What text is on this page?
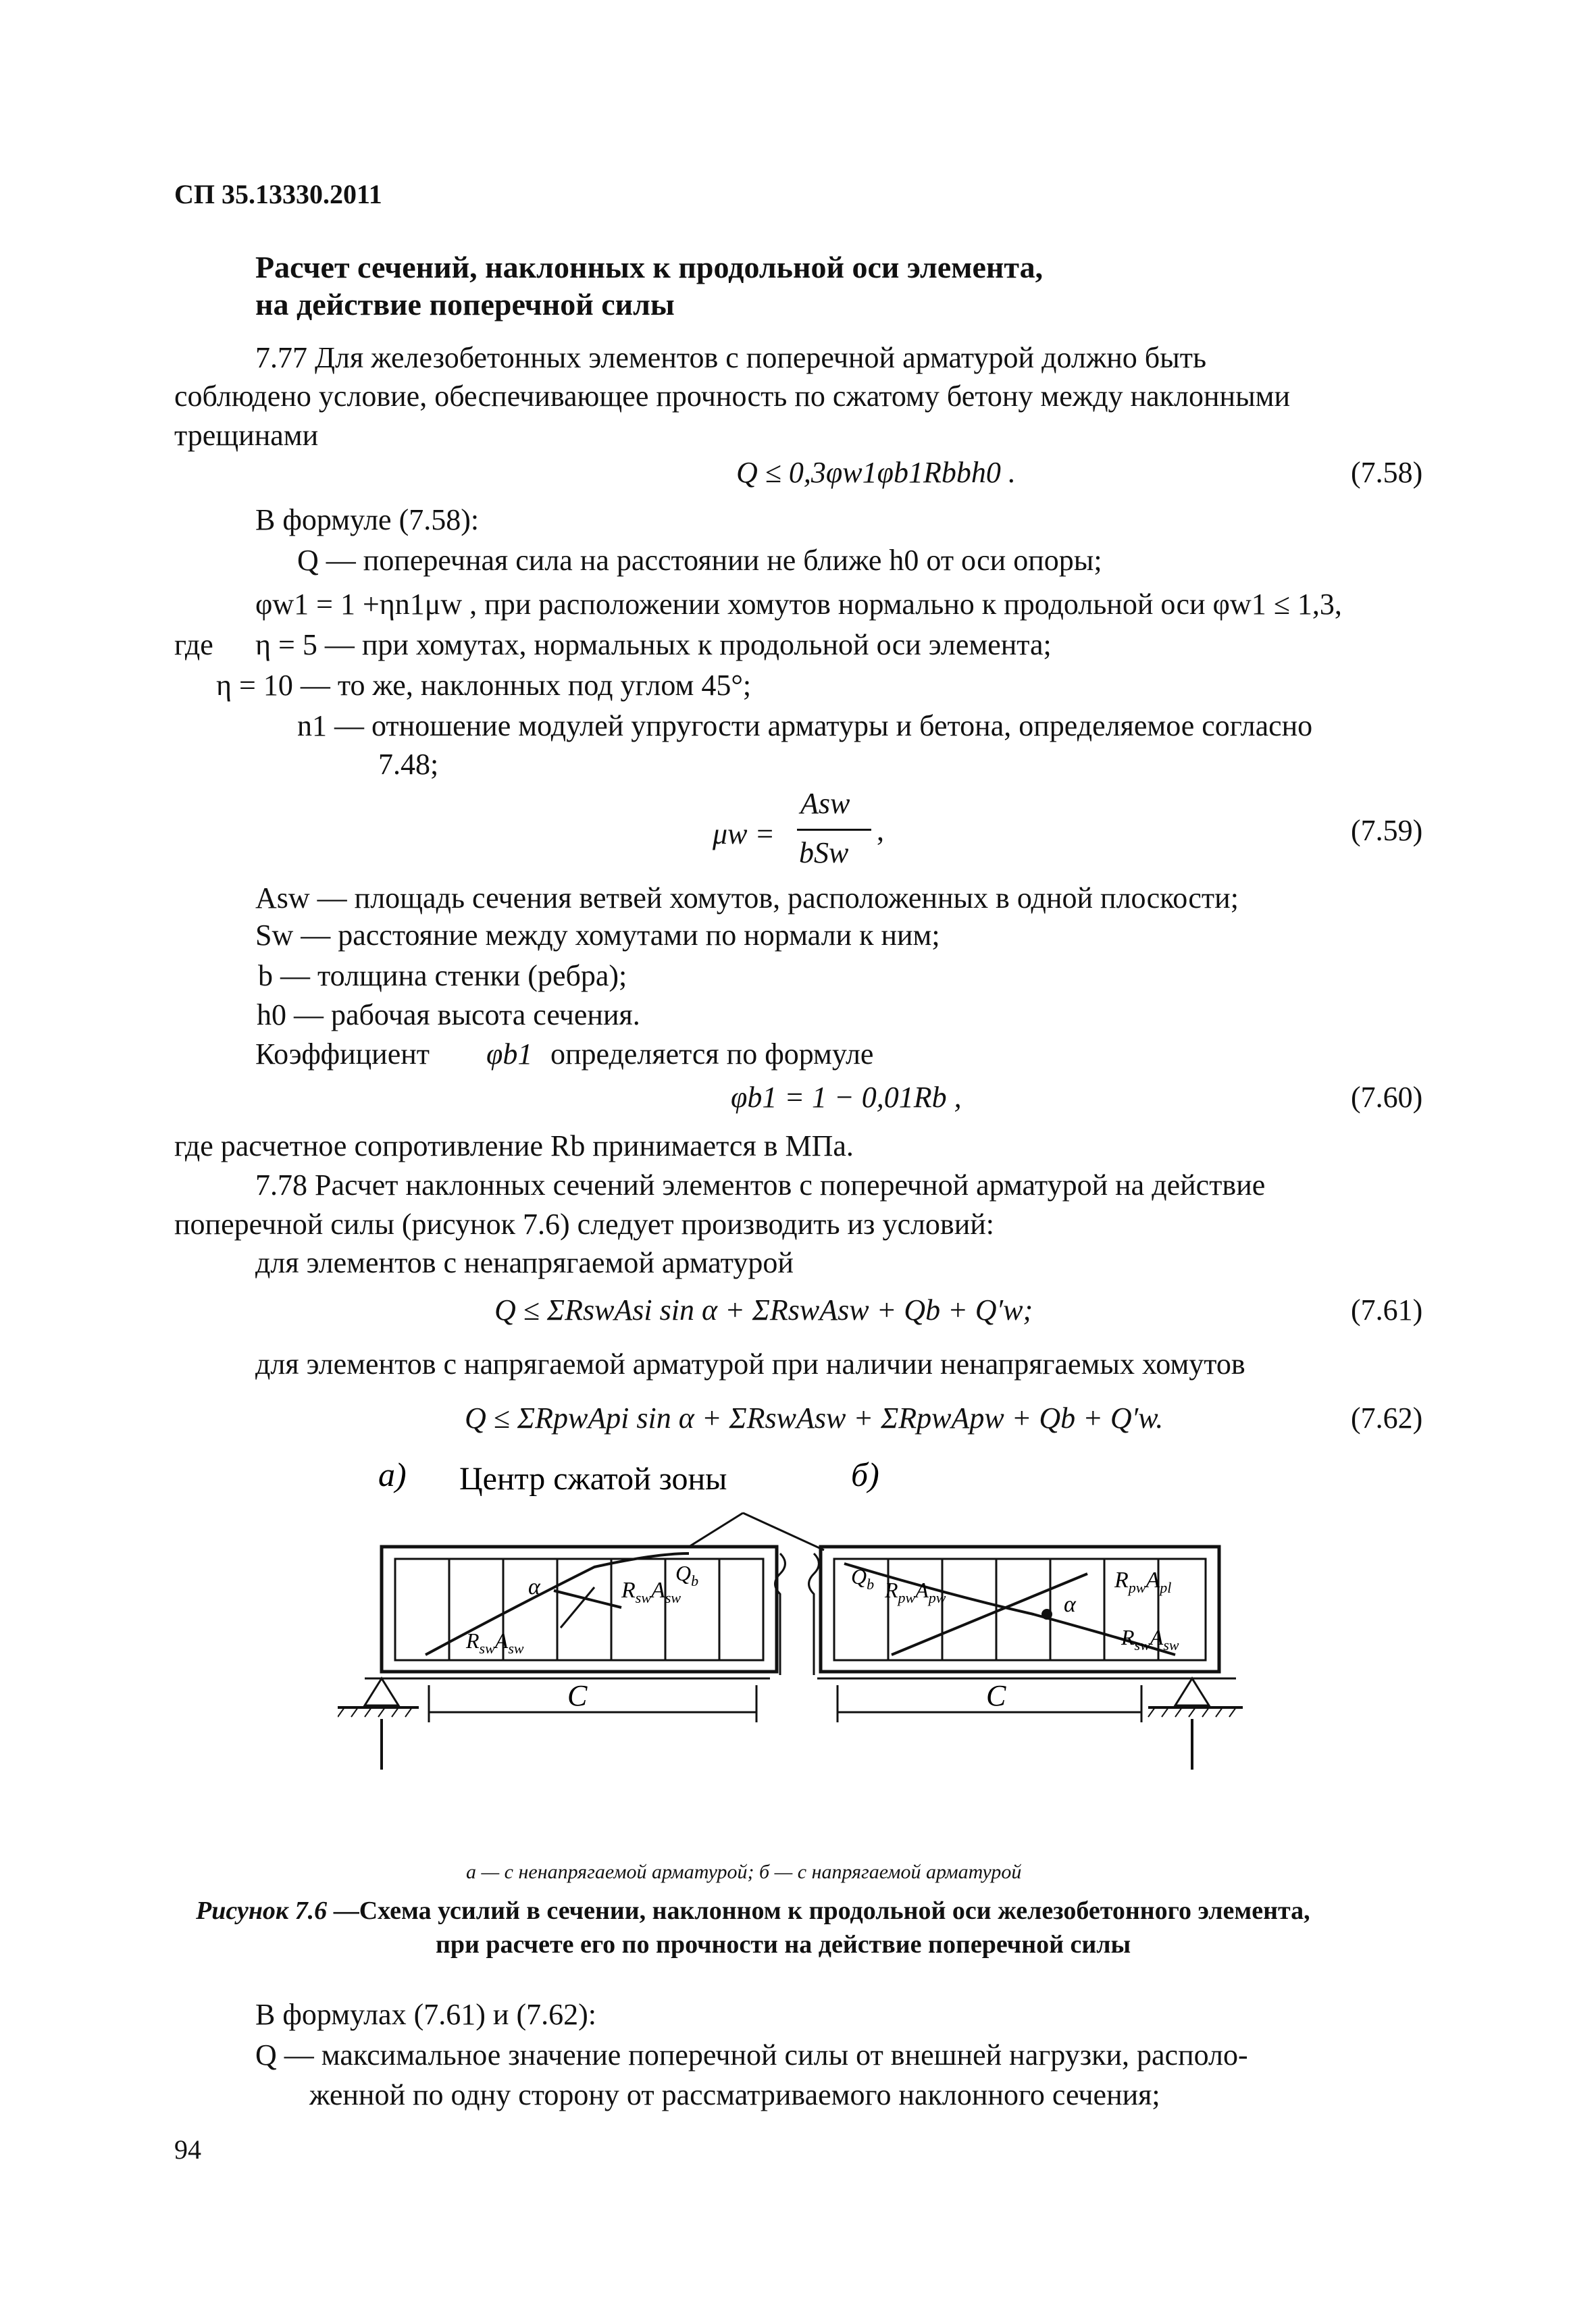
СП 35.13330.2011
Расчет сечений, наклонных к продольной оси элемента,
на действие поперечной силы
7.77 Для железобетонных элементов с поперечной арматурой должно быть
соблюдено условие, обеспечивающее прочность по сжатому бетону между наклонными
трещинами
Q ≤ 0,3φw1φb1Rbbh0 .	(7.58)
В формуле (7.58):
Q — поперечная сила на расстоянии не ближе h0 от оси опоры;
φw1 = 1 +ηn1μw , при расположении хомутов нормально к продольной оси φw1 ≤ 1,3,
где η = 5 — при хомутах, нормальных к продольной оси элемента;
η = 10 — то же, наклонных под углом 45°;
n1 — отношение модулей упругости арматуры и бетона, определяемое согласно
7.48;
μw =
Asw
bSw
,	(7.59)
Asw — площадь сечения ветвей хомутов, расположенных в одной плоскости;
Sw — расстояние между хомутами по нормали к ним;
b — толщина стенки (ребра);
h0 — рабочая высота сечения.
Коэффициент φb1 определяется по формуле
φb1 = 1 − 0,01Rb ,	(7.60)
где расчетное сопротивление Rb принимается в МПа.
7.78 Расчет наклонных сечений элементов с поперечной арматурой на действие
поперечной силы (рисунок 7.6) следует производить из условий:
для элементов с ненапрягаемой арматурой
Q ≤ ΣRswAsi sin α + ΣRswAsw + Qb + Q′w;	(7.61)
для элементов с напрягаемой арматурой при наличии ненапрягаемых хомутов
Q ≤ ΣRpwApi sin α + ΣRswAsw + ΣRpwApw + Qb + Q′w.	(7.62)
а) Центр сжатой зоны	б)
α	$R_{sw}A_{sw}$
$R_{sw}A_{sw}$
$Q_b$
C
α
$Q_b$ $R_{pw}A_{pw}$
$R_{pw}A_{pl}$
$R_{sw}A_{sw}$
C
а — с ненапрягаемой арматурой; б — с напрягаемой арматурой
Рисунок 7.6 —Схема усилий в сечении, наклонном к продольной оси железобетонного элемента,
при расчете его по прочности на действие поперечной силы
В формулах (7.61) и (7.62):
Q — максимальное значение поперечной силы от внешней нагрузки, располо-
женной по одну сторону от рассматриваемого наклонного сечения;
94
